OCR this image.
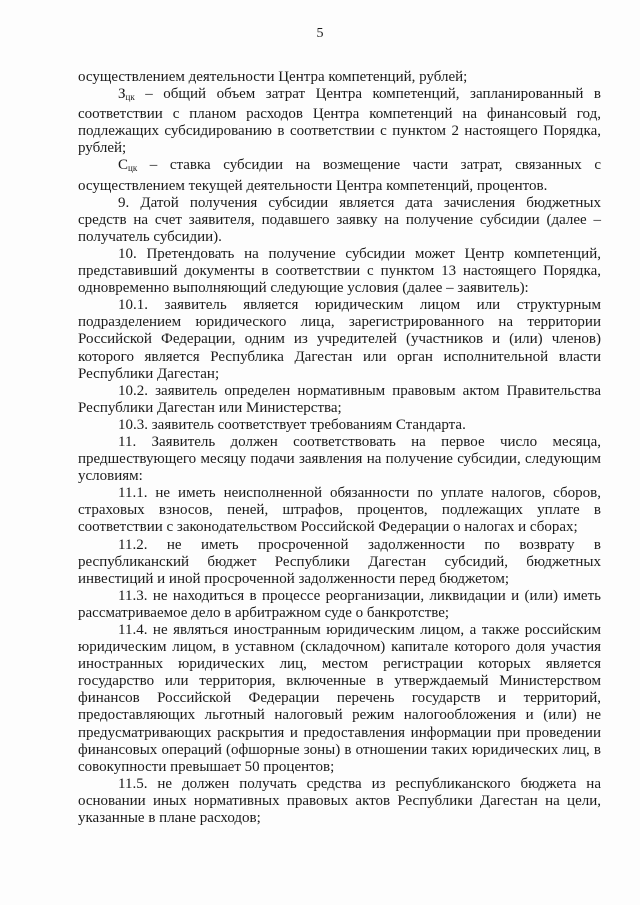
5

осуществлением деятельности Центра компетенций, рублей;

$З_{цк}$ – общий объем затрат Центра компетенций, запланированный в соответствии с планом расходов Центра компетенций на финансовый год, подлежащих субсидированию в соответствии с пунктом 2 настоящего Порядка, рублей;

$С_{цк}$ – ставка субсидии на возмещение части затрат, связанных с осуществлением текущей деятельности Центра компетенций, процентов.

9. Датой получения субсидии является дата зачисления бюджетных средств на счет заявителя, подавшего заявку на получение субсидии (далее – получатель субсидии).

10. Претендовать на получение субсидии может Центр компетенций, представивший документы в соответствии с пунктом 13 настоящего Порядка, одновременно выполняющий следующие условия (далее – заявитель):

10.1. заявитель является юридическим лицом или структурным подразделением юридического лица, зарегистрированного на территории Российской Федерации, одним из учредителей (участников и (или) членов) которого является Республика Дагестан или орган исполнительной власти Республики Дагестан;

10.2. заявитель определен нормативным правовым актом Правительства Республики Дагестан или Министерства;

10.3. заявитель соответствует требованиям Стандарта.

11. Заявитель должен соответствовать на первое число месяца, предшествующего месяцу подачи заявления на получение субсидии, следующим условиям:

11.1. не иметь неисполненной обязанности по уплате налогов, сборов, страховых взносов, пеней, штрафов, процентов, подлежащих уплате в соответствии с законодательством Российской Федерации о налогах и сборах;

11.2. не иметь просроченной задолженности по возврату в республиканский бюджет Республики Дагестан субсидий, бюджетных инвестиций и иной просроченной задолженности перед бюджетом;

11.3. не находиться в процессе реорганизации, ликвидации и (или) иметь рассматриваемое дело в арбитражном суде о банкротстве;

11.4. не являться иностранным юридическим лицом, а также российским юридическим лицом, в уставном (складочном) капитале которого доля участия иностранных юридических лиц, местом регистрации которых является государство или территория, включенные в утверждаемый Министерством финансов Российской Федерации перечень государств и территорий, предоставляющих льготный налоговый режим налогообложения и (или) не предусматривающих раскрытия и предоставления информации при проведении финансовых операций (офшорные зоны) в отношении таких юридических лиц, в совокупности превышает 50 процентов;

11.5. не должен получать средства из республиканского бюджета на основании иных нормативных правовых актов Республики Дагестан на цели, указанные в плане расходов;
